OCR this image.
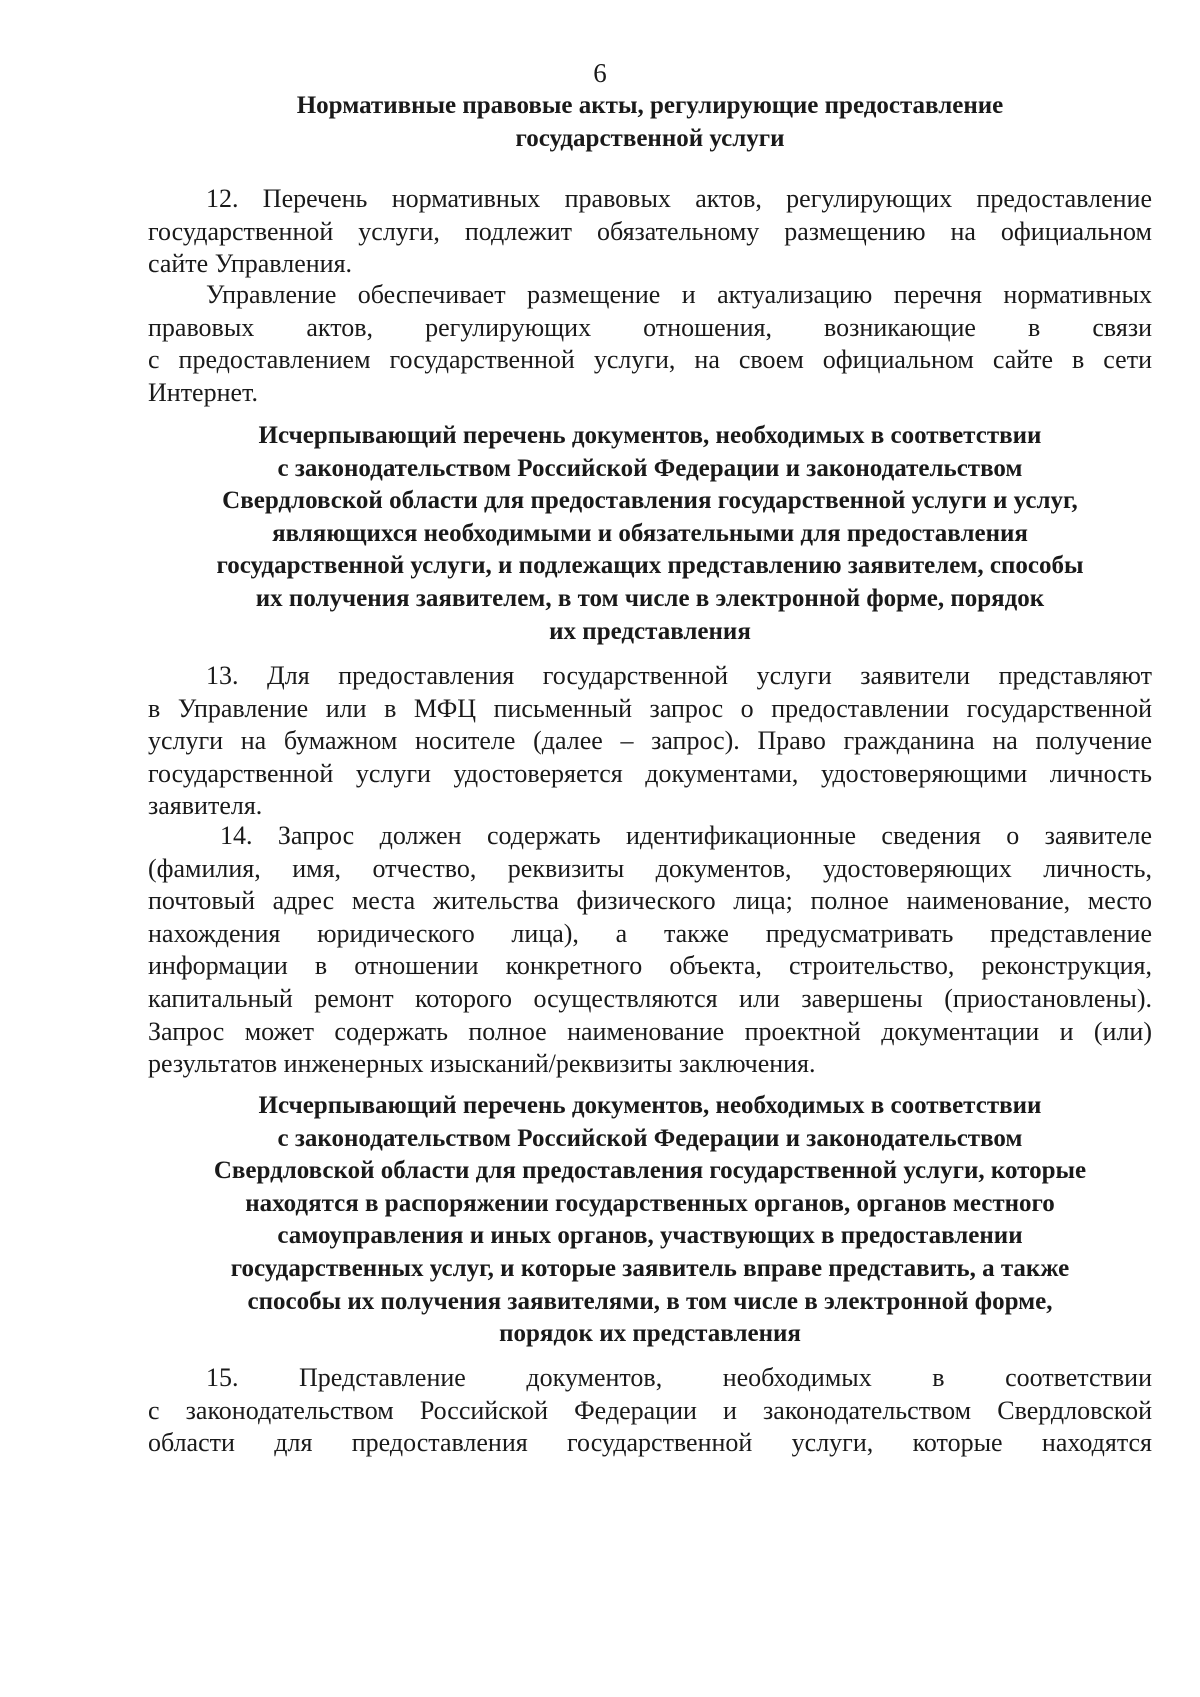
6
Нормативные правовые акты, регулирующие предоставление
государственной услуги
12. Перечень нормативных правовых актов, регулирующих предоставление
государственной услуги, подлежит обязательному размещению на официальном
сайте Управления.
Управление обеспечивает размещение и актуализацию перечня нормативных
правовых актов, регулирующих отношения, возникающие в связи
с предоставлением государственной услуги, на своем официальном сайте в сети
Интернет.
Исчерпывающий перечень документов, необходимых в соответствии
с законодательством Российской Федерации и законодательством
Свердловской области для предоставления государственной услуги и услуг,
являющихся необходимыми и обязательными для предоставления
государственной услуги, и подлежащих представлению заявителем, способы
их получения заявителем, в том числе в электронной форме, порядок
их представления
13. Для предоставления государственной услуги заявители представляют
в Управление или в МФЦ письменный запрос о предоставлении государственной
услуги на бумажном носителе (далее – запрос). Право гражданина на получение
государственной услуги удостоверяется документами, удостоверяющими личность
заявителя.
14. Запрос должен содержать идентификационные сведения о заявителе
(фамилия, имя, отчество, реквизиты документов, удостоверяющих личность,
почтовый адрес места жительства физического лица; полное наименование, место
нахождения юридического лица), а также предусматривать представление
информации в отношении конкретного объекта, строительство, реконструкция,
капитальный ремонт которого осуществляются или завершены (приостановлены).
Запрос может содержать полное наименование проектной документации и (или)
результатов инженерных изысканий/реквизиты заключения.
Исчерпывающий перечень документов, необходимых в соответствии
с законодательством Российской Федерации и законодательством
Свердловской области для предоставления государственной услуги, которые
находятся в распоряжении государственных органов, органов местного
самоуправления и иных органов, участвующих в предоставлении
государственных услуг, и которые заявитель вправе представить, а также
способы их получения заявителями, в том числе в электронной форме,
порядок их представления
15. Представление документов, необходимых в соответствии
с законодательством Российской Федерации и законодательством Свердловской
области для предоставления государственной услуги, которые находятся
